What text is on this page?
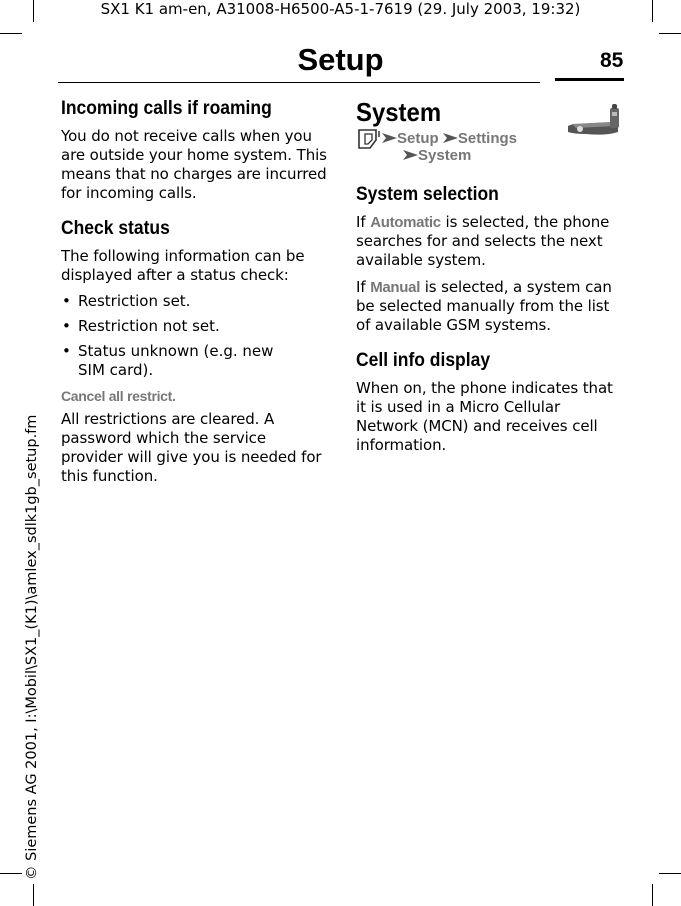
SX1 K1 am-en, A31008-H6500-A5-1-7619 (29. July 2003, 19:32)
© Siemens AG 2001, I:\Mobil\SX1_(K1)\amlex_sdlk1gb_setup.fm
Setup	85
Incoming calls if roaming

You do not receive calls when you are outside your home system. This means that no charges are incurred for incoming calls.

Check status

The following information can be displayed after a status check:

• Restriction set.
• Restriction not set.
• Status unknown (e.g. new SIM card).
Cancel all restrict.

All restrictions are cleared. A password which the service provider will give you is needed for this function.

System
Setup Settings
System
System selection

If Automatic is selected, the phone searches for and selects the next available system.

If Manual is selected, a system can be selected manually from the list of available GSM systems.

Cell info display

When on, the phone indicates that it is used in a Micro Cellular Network (MCN) and receives cell information.
